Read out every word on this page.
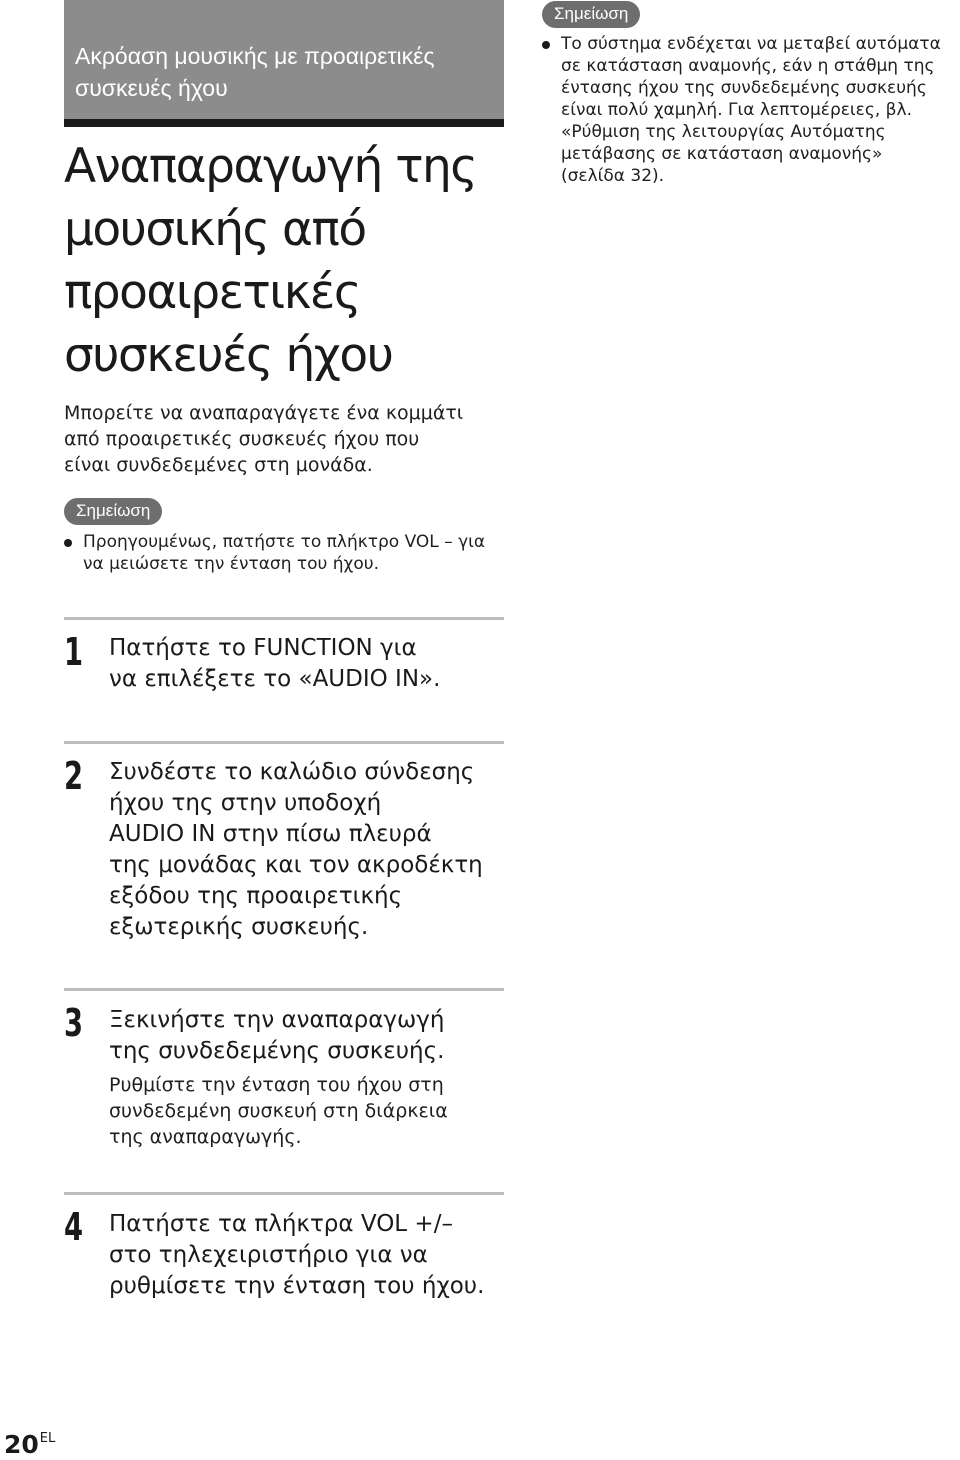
Ακρόαση μουσικής με προαιρετικές
συσκευές ήχου
Αναπαραγωγή της
μουσικής από
προαιρετικές
συσκευές ήχου
Μπορείτε να αναπαραγάγετε ένα κομμάτι
από προαιρετικές συσκευές ήχου που
είναι συνδεδεμένες στη μονάδα.
Σημείωση
Προηγουμένως, πατήστε το πλήκτρο VOL – για
να μειώσετε την ένταση του ήχου.
Σημείωση
Το σύστημα ενδέχεται να μεταβεί αυτόματα
σε κατάσταση αναμονής, εάν η στάθμη της
έντασης ήχου της συνδεδεμένης συσκευής
είναι πολύ χαμηλή. Για λεπτομέρειες, βλ.
«Ρύθμιση της λειτουργίας Αυτόματης
μετάβασης σε κατάσταση αναμονής»
(σελίδα 32).
1 Πατήστε το FUNCTION για
να επιλέξετε το «AUDIO IN».
2 Συνδέστε το καλώδιο σύνδεσης
ήχου της στην υποδοχή
AUDIO IN στην πίσω πλευρά
της μονάδας και τον ακροδέκτη
εξόδου της προαιρετικής
εξωτερικής συσκευής.
3 Ξεκινήστε την αναπαραγωγή
της συνδεδεμένης συσκευής.
Ρυθμίστε την ένταση του ήχου στη
συνδεδεμένη συσκευή στη διάρκεια
της αναπαραγωγής.
4 Πατήστε τα πλήκτρα VOL +/–
στο τηλεχειριστήριο για να
ρυθμίσετε την ένταση του ήχου.
$20^{EL}$
